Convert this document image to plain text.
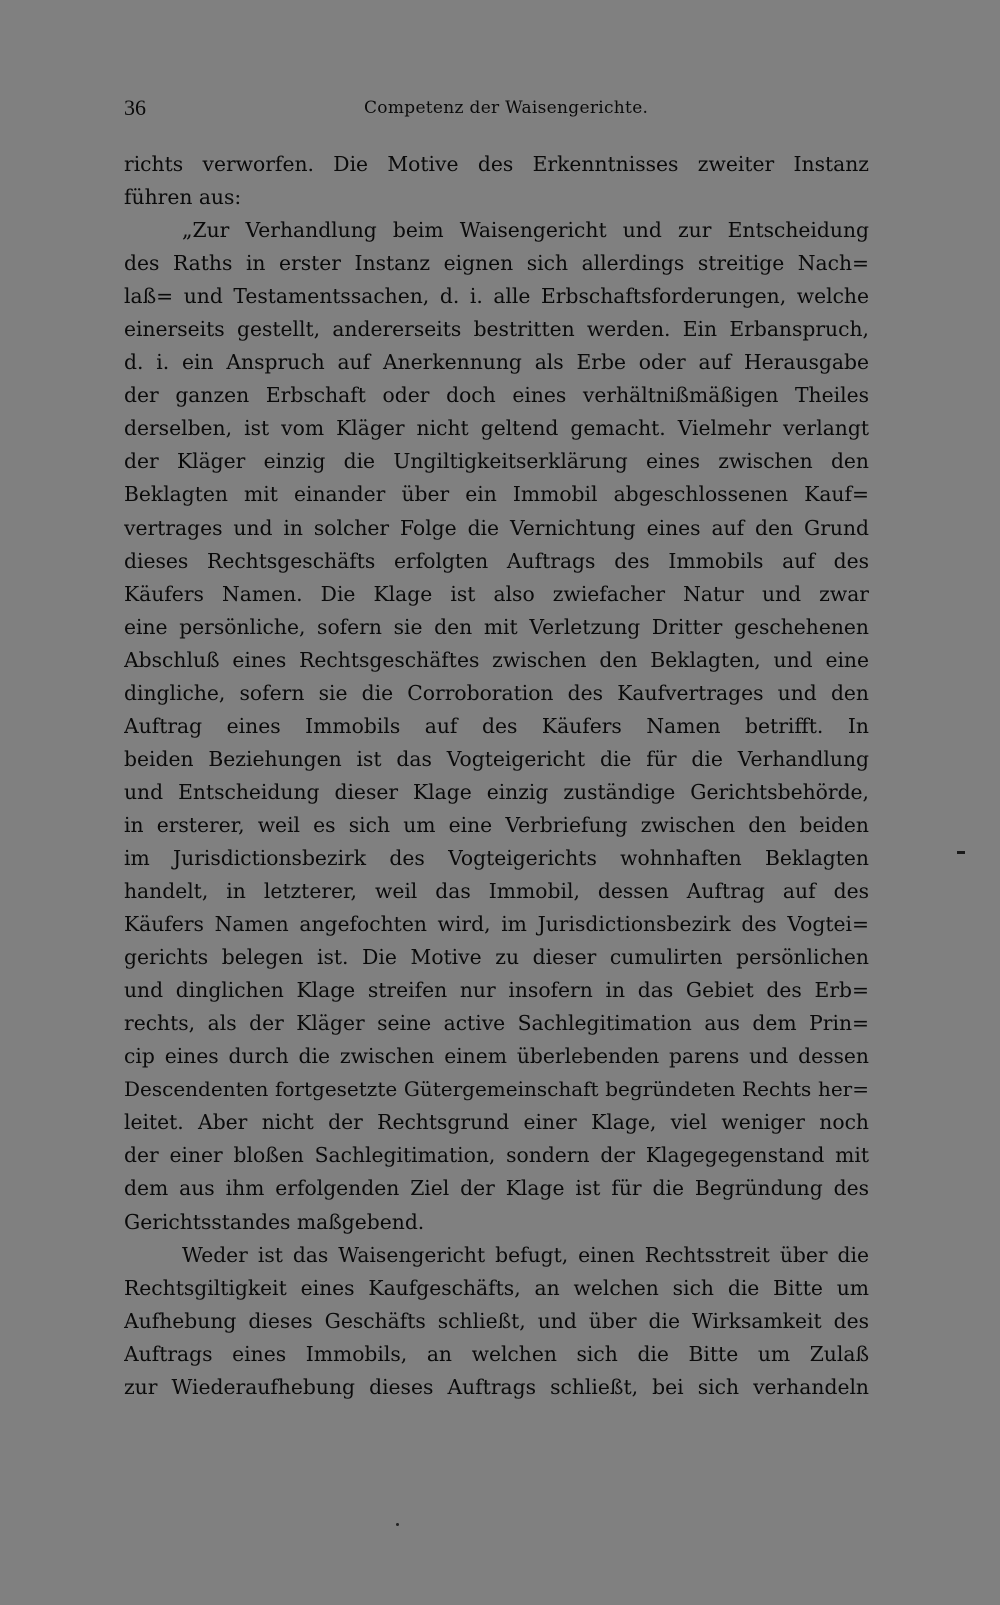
36	Competenz der Waisengerichte.
richts verworfen. Die Motive des Erkenntnisses zweiter Instanz
führen aus:
„Zur Verhandlung beim Waisengericht und zur Entscheidung
des Raths in erster Instanz eignen sich allerdings streitige Nach=
laß= und Testamentssachen, d. i. alle Erbschaftsforderungen, welche
einerseits gestellt, andererseits bestritten werden. Ein Erbanspruch,
d. i. ein Anspruch auf Anerkennung als Erbe oder auf Herausgabe
der ganzen Erbschaft oder doch eines verhältnißmäßigen Theiles
derselben, ist vom Kläger nicht geltend gemacht. Vielmehr verlangt
der Kläger einzig die Ungiltigkeitserklärung eines zwischen den
Beklagten mit einander über ein Immobil abgeschlossenen Kauf=
vertrages und in solcher Folge die Vernichtung eines auf den Grund
dieses Rechtsgeschäfts erfolgten Auftrags des Immobils auf des
Käufers Namen. Die Klage ist also zwiefacher Natur und zwar
eine persönliche, sofern sie den mit Verletzung Dritter geschehenen
Abschluß eines Rechtsgeschäftes zwischen den Beklagten, und eine
dingliche, sofern sie die Corroboration des Kaufvertrages und den
Auftrag eines Immobils auf des Käufers Namen betrifft. In
beiden Beziehungen ist das Vogteigericht die für die Verhandlung
und Entscheidung dieser Klage einzig zuständige Gerichtsbehörde,
in ersterer, weil es sich um eine Verbriefung zwischen den beiden
im Jurisdictionsbezirk des Vogteigerichts wohnhaften Beklagten
handelt, in letzterer, weil das Immobil, dessen Auftrag auf des
Käufers Namen angefochten wird, im Jurisdictionsbezirk des Vogtei=
gerichts belegen ist. Die Motive zu dieser cumulirten persönlichen
und dinglichen Klage streifen nur insofern in das Gebiet des Erb=
rechts, als der Kläger seine active Sachlegitimation aus dem Prin=
cip eines durch die zwischen einem überlebenden parens und dessen
Descendenten fortgesetzte Gütergemeinschaft begründeten Rechts her=
leitet. Aber nicht der Rechtsgrund einer Klage, viel weniger noch
der einer bloßen Sachlegitimation, sondern der Klagegegenstand mit
dem aus ihm erfolgenden Ziel der Klage ist für die Begründung des
Gerichtsstandes maßgebend.
Weder ist das Waisengericht befugt, einen Rechtsstreit über die
Rechtsgiltigkeit eines Kaufgeschäfts, an welchen sich die Bitte um
Aufhebung dieses Geschäfts schließt, und über die Wirksamkeit des
Auftrags eines Immobils, an welchen sich die Bitte um Zulaß
zur Wiederaufhebung dieses Auftrags schließt, bei sich verhandeln
